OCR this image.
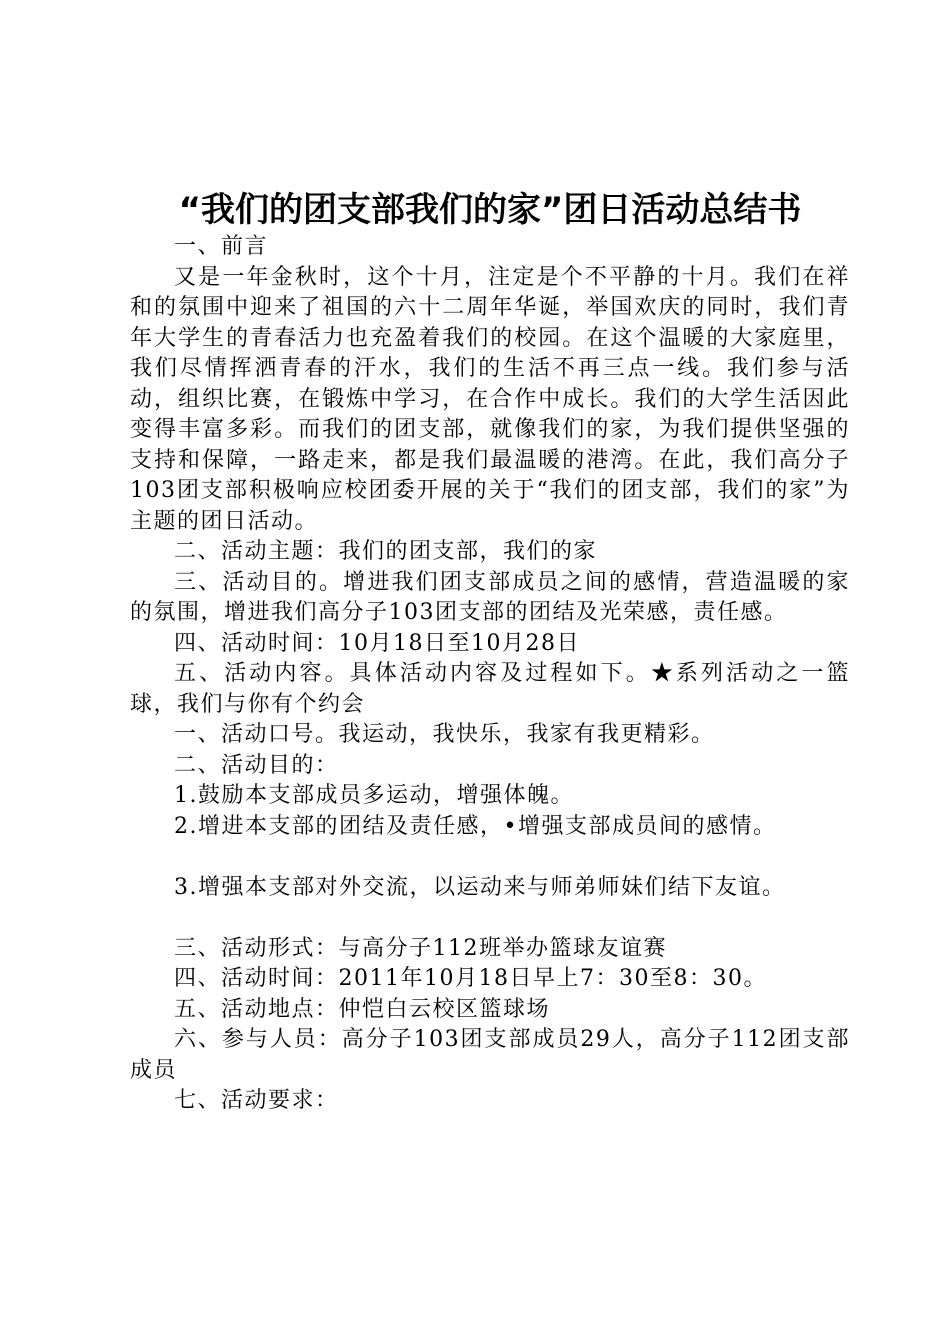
“我们的团支部我们的家”团日活动总结书

一、前言

又是一年金秋时，这个十月，注定是个不平静的十月。我们在祥和的氛围中迎来了祖国的六十二周年华诞，举国欢庆的同时，我们青年大学生的青春活力也充盈着我们的校园。在这个温暖的大家庭里，我们尽情挥洒青春的汗水，我们的生活不再三点一线。我们参与活动，组织比赛，在锻炼中学习，在合作中成长。我们的大学生活因此变得丰富多彩。而我们的团支部，就像我们的家，为我们提供坚强的支持和保障，一路走来，都是我们最温暖的港湾。在此，我们高分子103团支部积极响应校团委开展的关于“我们的团支部，我们的家”为主题的团日活动。

二、活动主题：我们的团支部，我们的家

三、活动目的。增进我们团支部成员之间的感情，营造温暖的家的氛围，增进我们高分子103团支部的团结及光荣感，责任感。

四、活动时间：10月18日至10月28日

五、活动内容。具体活动内容及过程如下。★系列活动之一篮球，我们与你有个约会

一、活动口号。我运动，我快乐，我家有我更精彩。

二、活动目的：

1.鼓励本支部成员多运动，增强体魄。

2.增进本支部的团结及责任感，•增强支部成员间的感情。

3.增强本支部对外交流，以运动来与师弟师妹们结下友谊。

三、活动形式：与高分子112班举办篮球友谊赛

四、活动时间：2011年10月18日早上7：30至8：30。

五、活动地点：仲恺白云校区篮球场

六、参与人员：高分子103团支部成员29人，高分子112团支部成员

七、活动要求：
